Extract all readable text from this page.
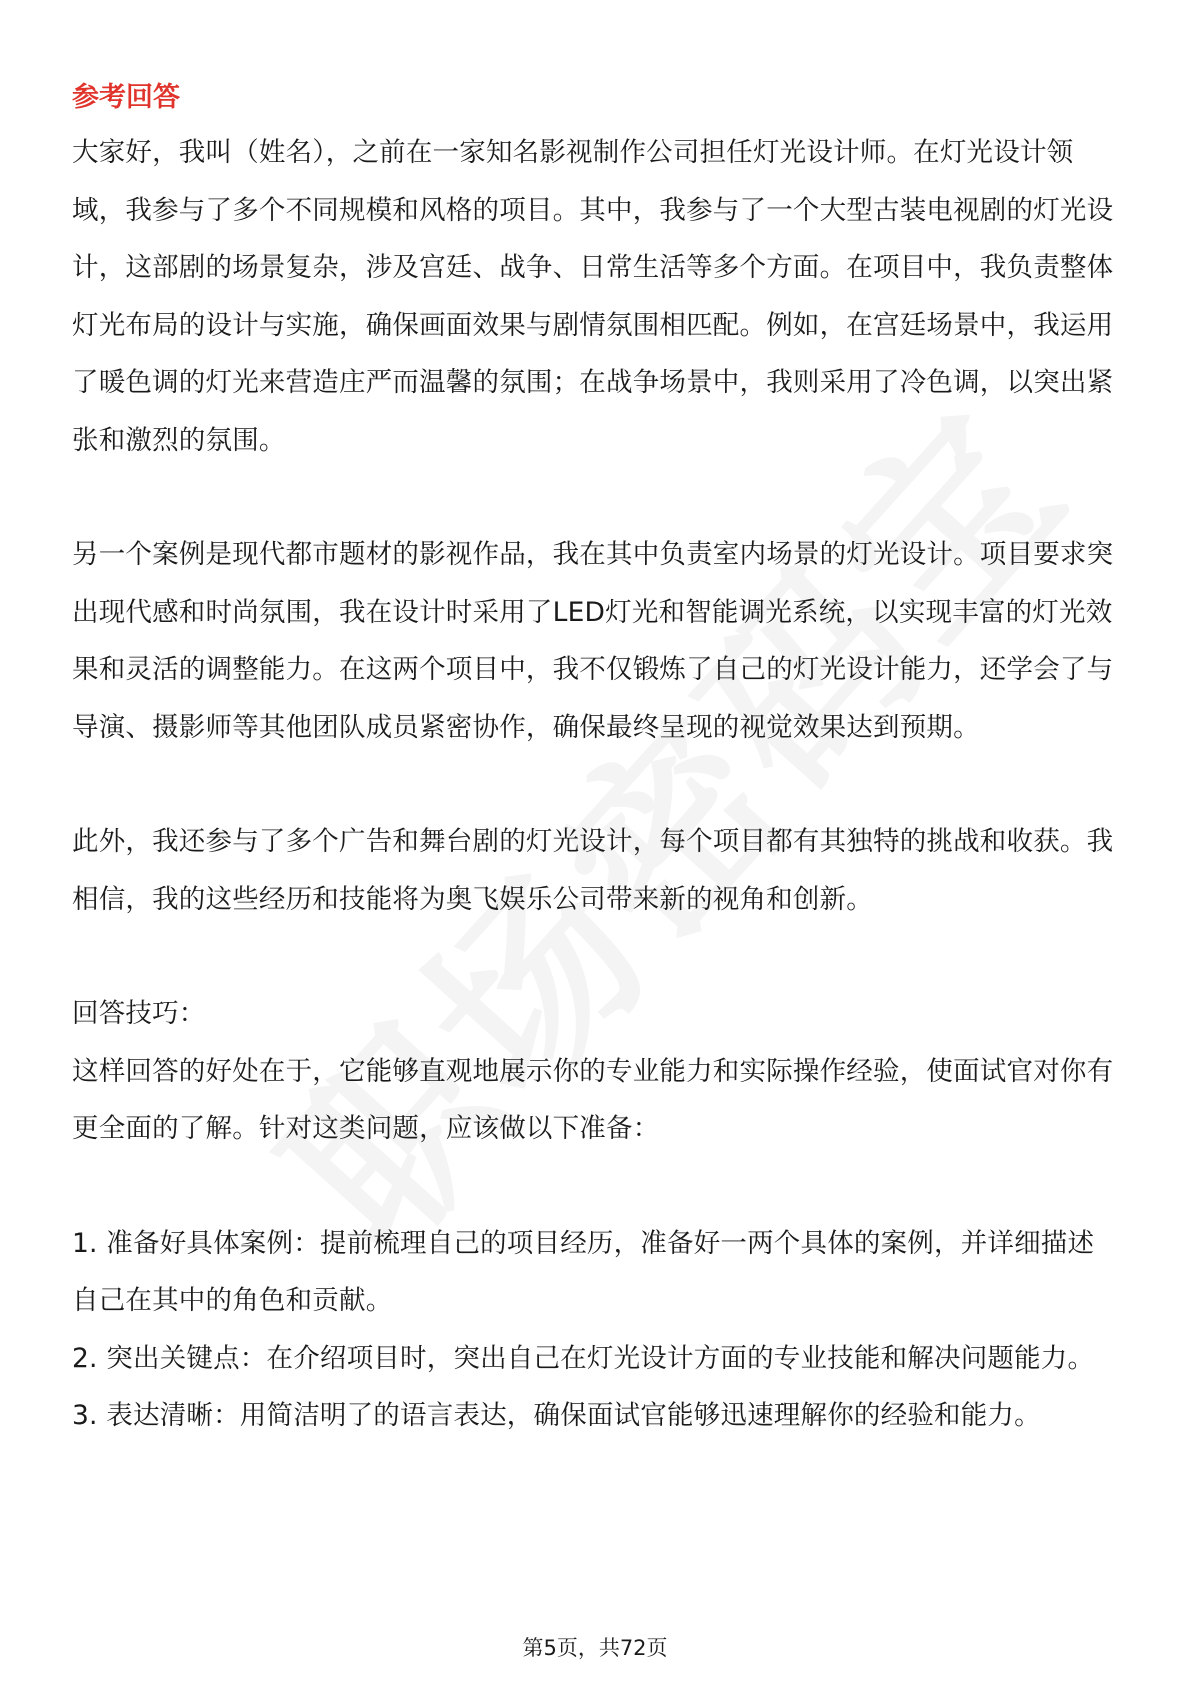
参考回答

大家好，我叫（姓名），之前在一家知名影视制作公司担任灯光设计师。在灯光设计领域，我参与了多个不同规模和风格的项目。其中，我参与了一个大型古装电视剧的灯光设计，这部剧的场景复杂，涉及宫廷、战争、日常生活等多个方面。在项目中，我负责整体灯光布局的设计与实施，确保画面效果与剧情氛围相匹配。例如，在宫廷场景中，我运用了暖色调的灯光来营造庄严而温馨的氛围；在战争场景中，我则采用了冷色调，以突出紧张和激烈的氛围。

另一个案例是现代都市题材的影视作品，我在其中负责室内场景的灯光设计。项目要求突出现代感和时尚氛围，我在设计时采用了LED灯光和智能调光系统，以实现丰富的灯光效果和灵活的调整能力。在这两个项目中，我不仅锻炼了自己的灯光设计能力，还学会了与导演、摄影师等其他团队成员紧密协作，确保最终呈现的视觉效果达到预期。

此外，我还参与了多个广告和舞台剧的灯光设计，每个项目都有其独特的挑战和收获。我相信，我的这些经历和技能将为奥飞娱乐公司带来新的视角和创新。

回答技巧：

这样回答的好处在于，它能够直观地展示你的专业能力和实际操作经验，使面试官对你有更全面的了解。针对这类问题，应该做以下准备：

1. 准备好具体案例：提前梳理自己的项目经历，准备好一两个具体的案例，并详细描述自己在其中的角色和贡献。

2. 突出关键点：在介绍项目时，突出自己在灯光设计方面的专业技能和解决问题能力。

3. 表达清晰：用简洁明了的语言表达，确保面试官能够迅速理解你的经验和能力。

第5页，共72页
